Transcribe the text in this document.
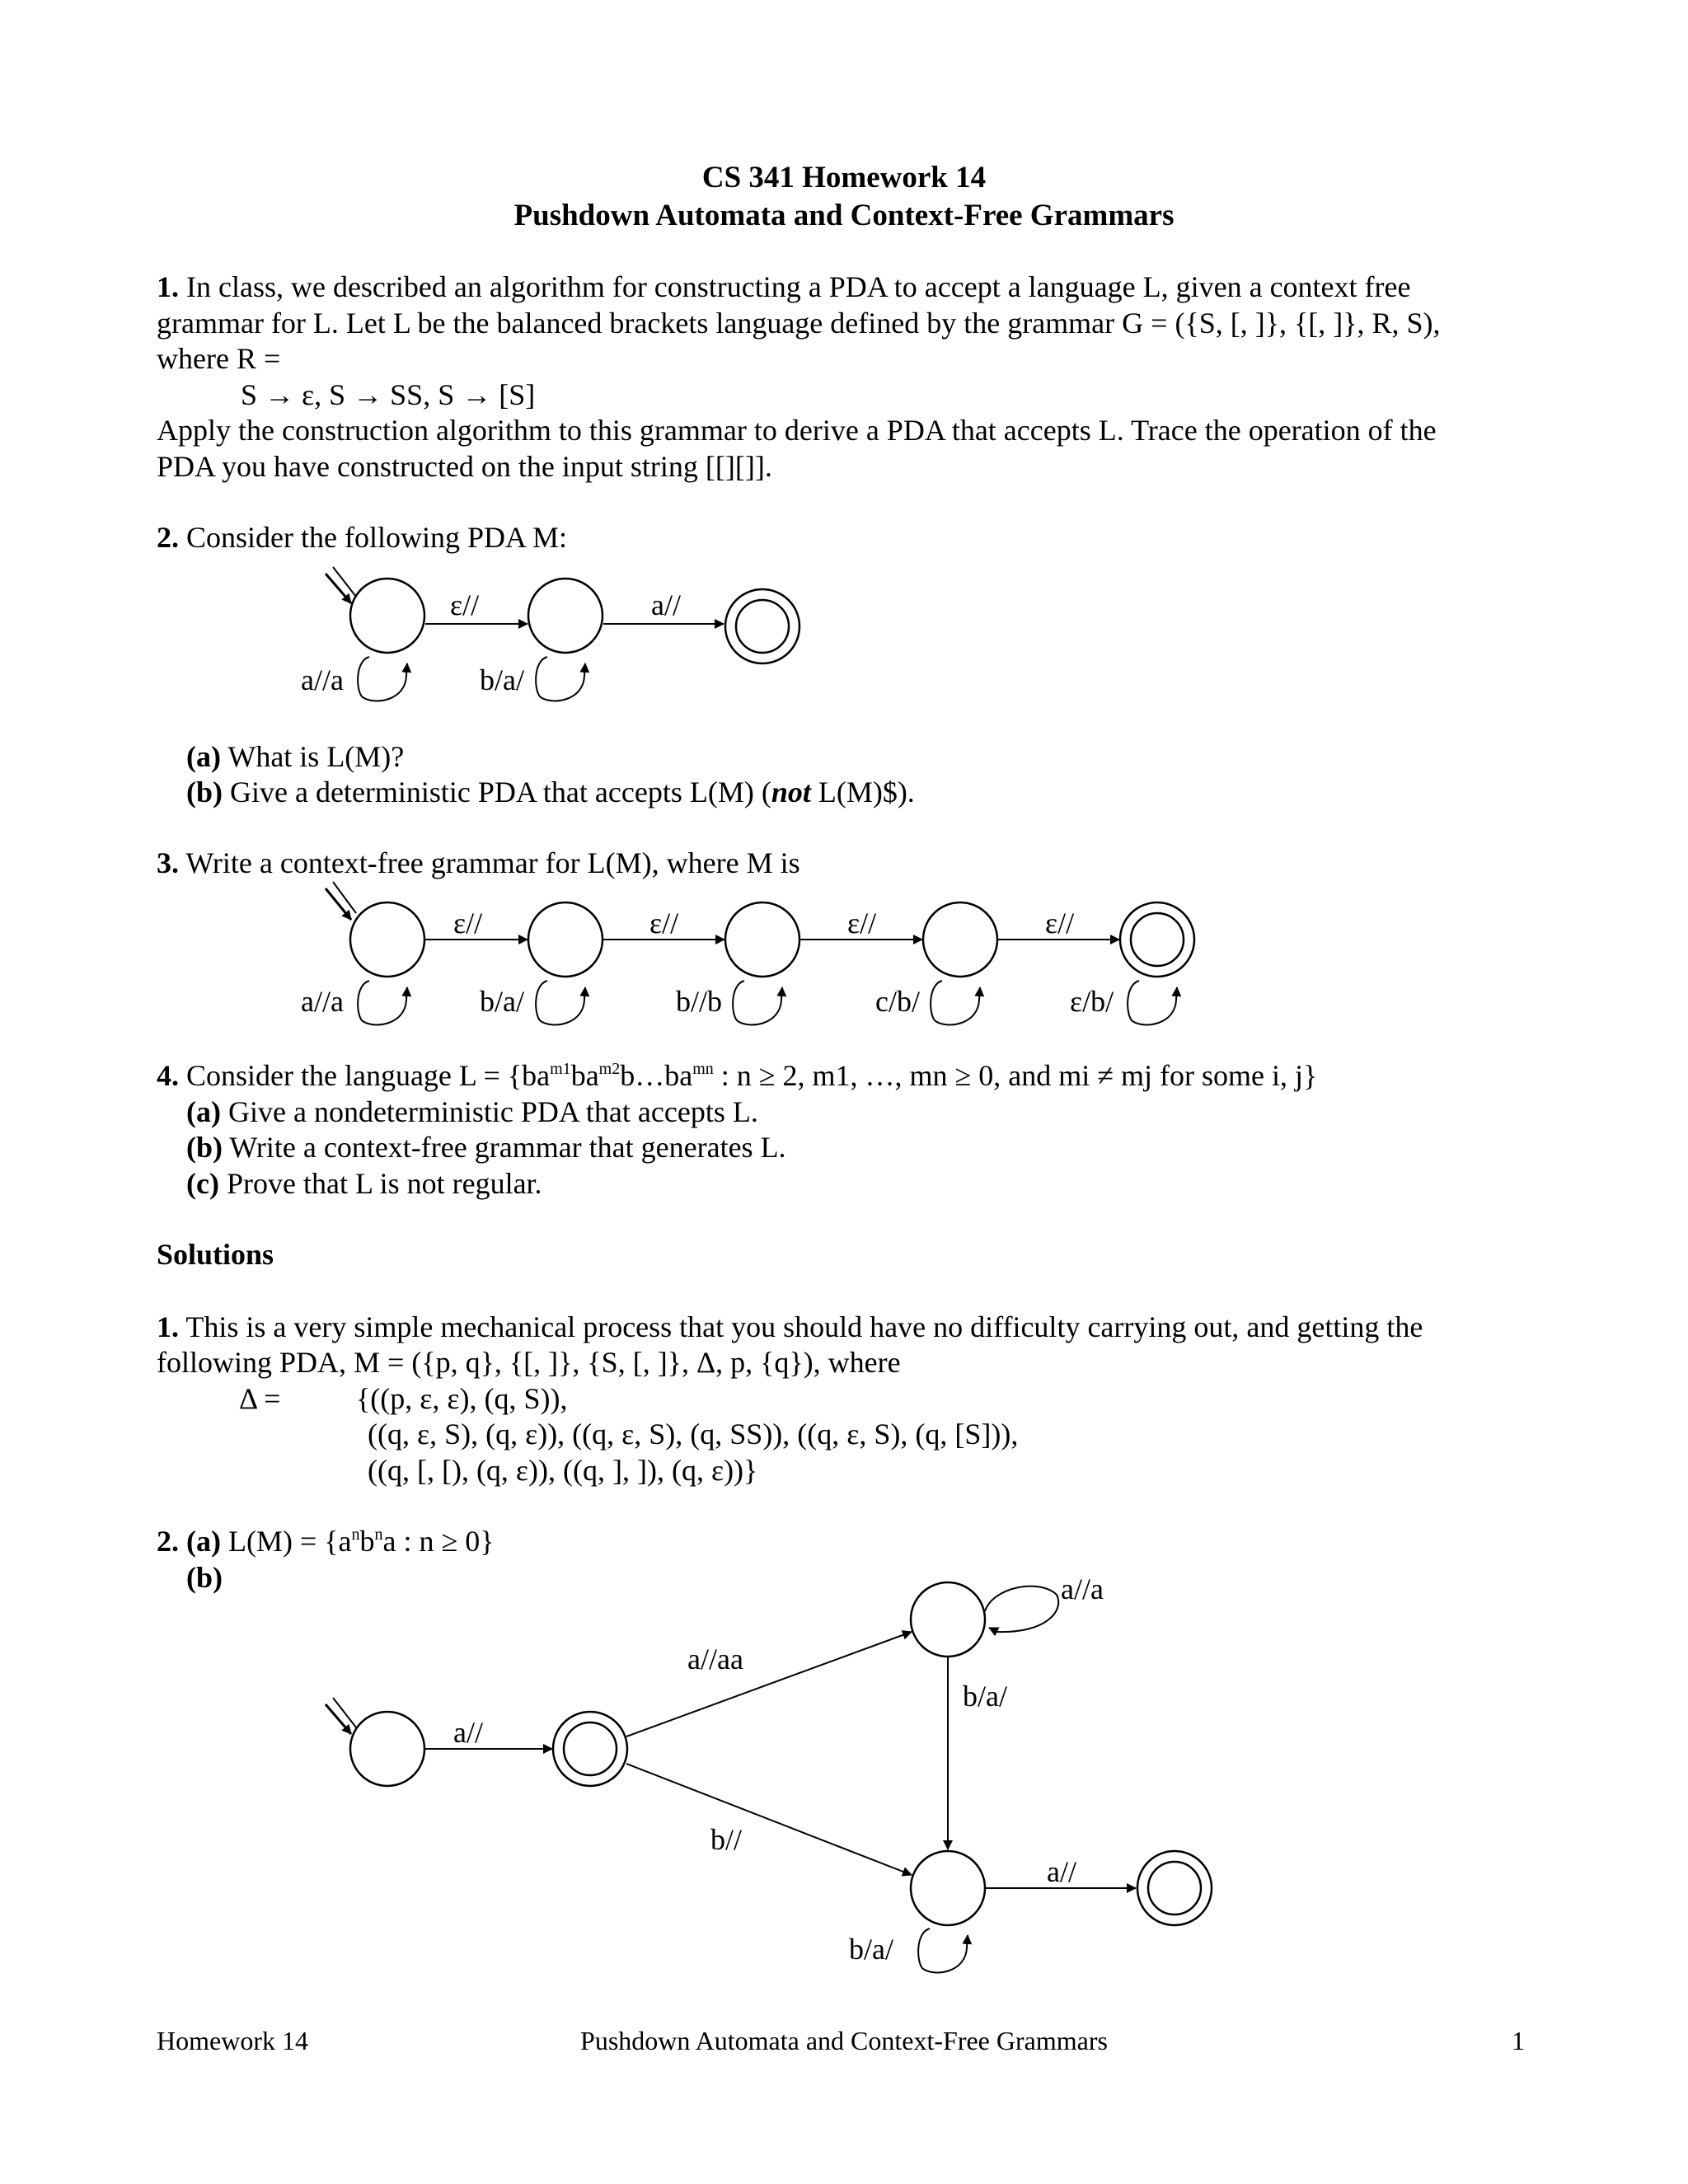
CS 341 Homework 14
Pushdown Automata and Context-Free Grammars
1. In class, we described an algorithm for constructing a PDA to accept a language L, given a context free
grammar for L. Let L be the balanced brackets language defined by the grammar G = ({S, [, ]}, {[, ]}, R, S),
where R =
S → ε, S → SS, S → [S]
Apply the construction algorithm to this grammar to derive a PDA that accepts L. Trace the operation of the
PDA you have constructed on the input string [[][]].
2. Consider the following PDA M:
ε//	a//
a//a	b/a/
(a) What is L(M)?
(b) Give a deterministic PDA that accepts L(M) (not L(M)$).
3. Write a context-free grammar for L(M), where M is
ε//	ε//	ε//	ε//
a//a	b/a/	b//b	c/b/	ε/b/
4. Consider the language $L = \{ba^{m1}ba^{m2}b\dots ba^{mn}$ : n ≥ 2, m1, …, mn ≥ 0, and mi ≠ mj for some i, j}
(a) Give a nondeterministic PDA that accepts L.
(b) Write a context-free grammar that generates L.
(c) Prove that L is not regular.
Solutions
1. This is a very simple mechanical process that you should have no difficulty carrying out, and getting the
following PDA, M = ({p, q}, {[, ]}, {S, [, ]}, Δ, p, {q}), where
Δ =	{((p, ε, ε), (q, S)),
((q, ε, S), (q, ε)), ((q, ε, S), (q, SS)), ((q, ε, S), (q, [S])),
((q, [, [), (q, ε)), ((q, ], ]), (q, ε))}
2. (a) $L(M) = \{a^nb^na$ : n ≥ 0}
(b)
a//
a//aa
b//
b/a/
a//
a//a
b/a/
Homework 14	Pushdown Automata and Context-Free Grammars	1
